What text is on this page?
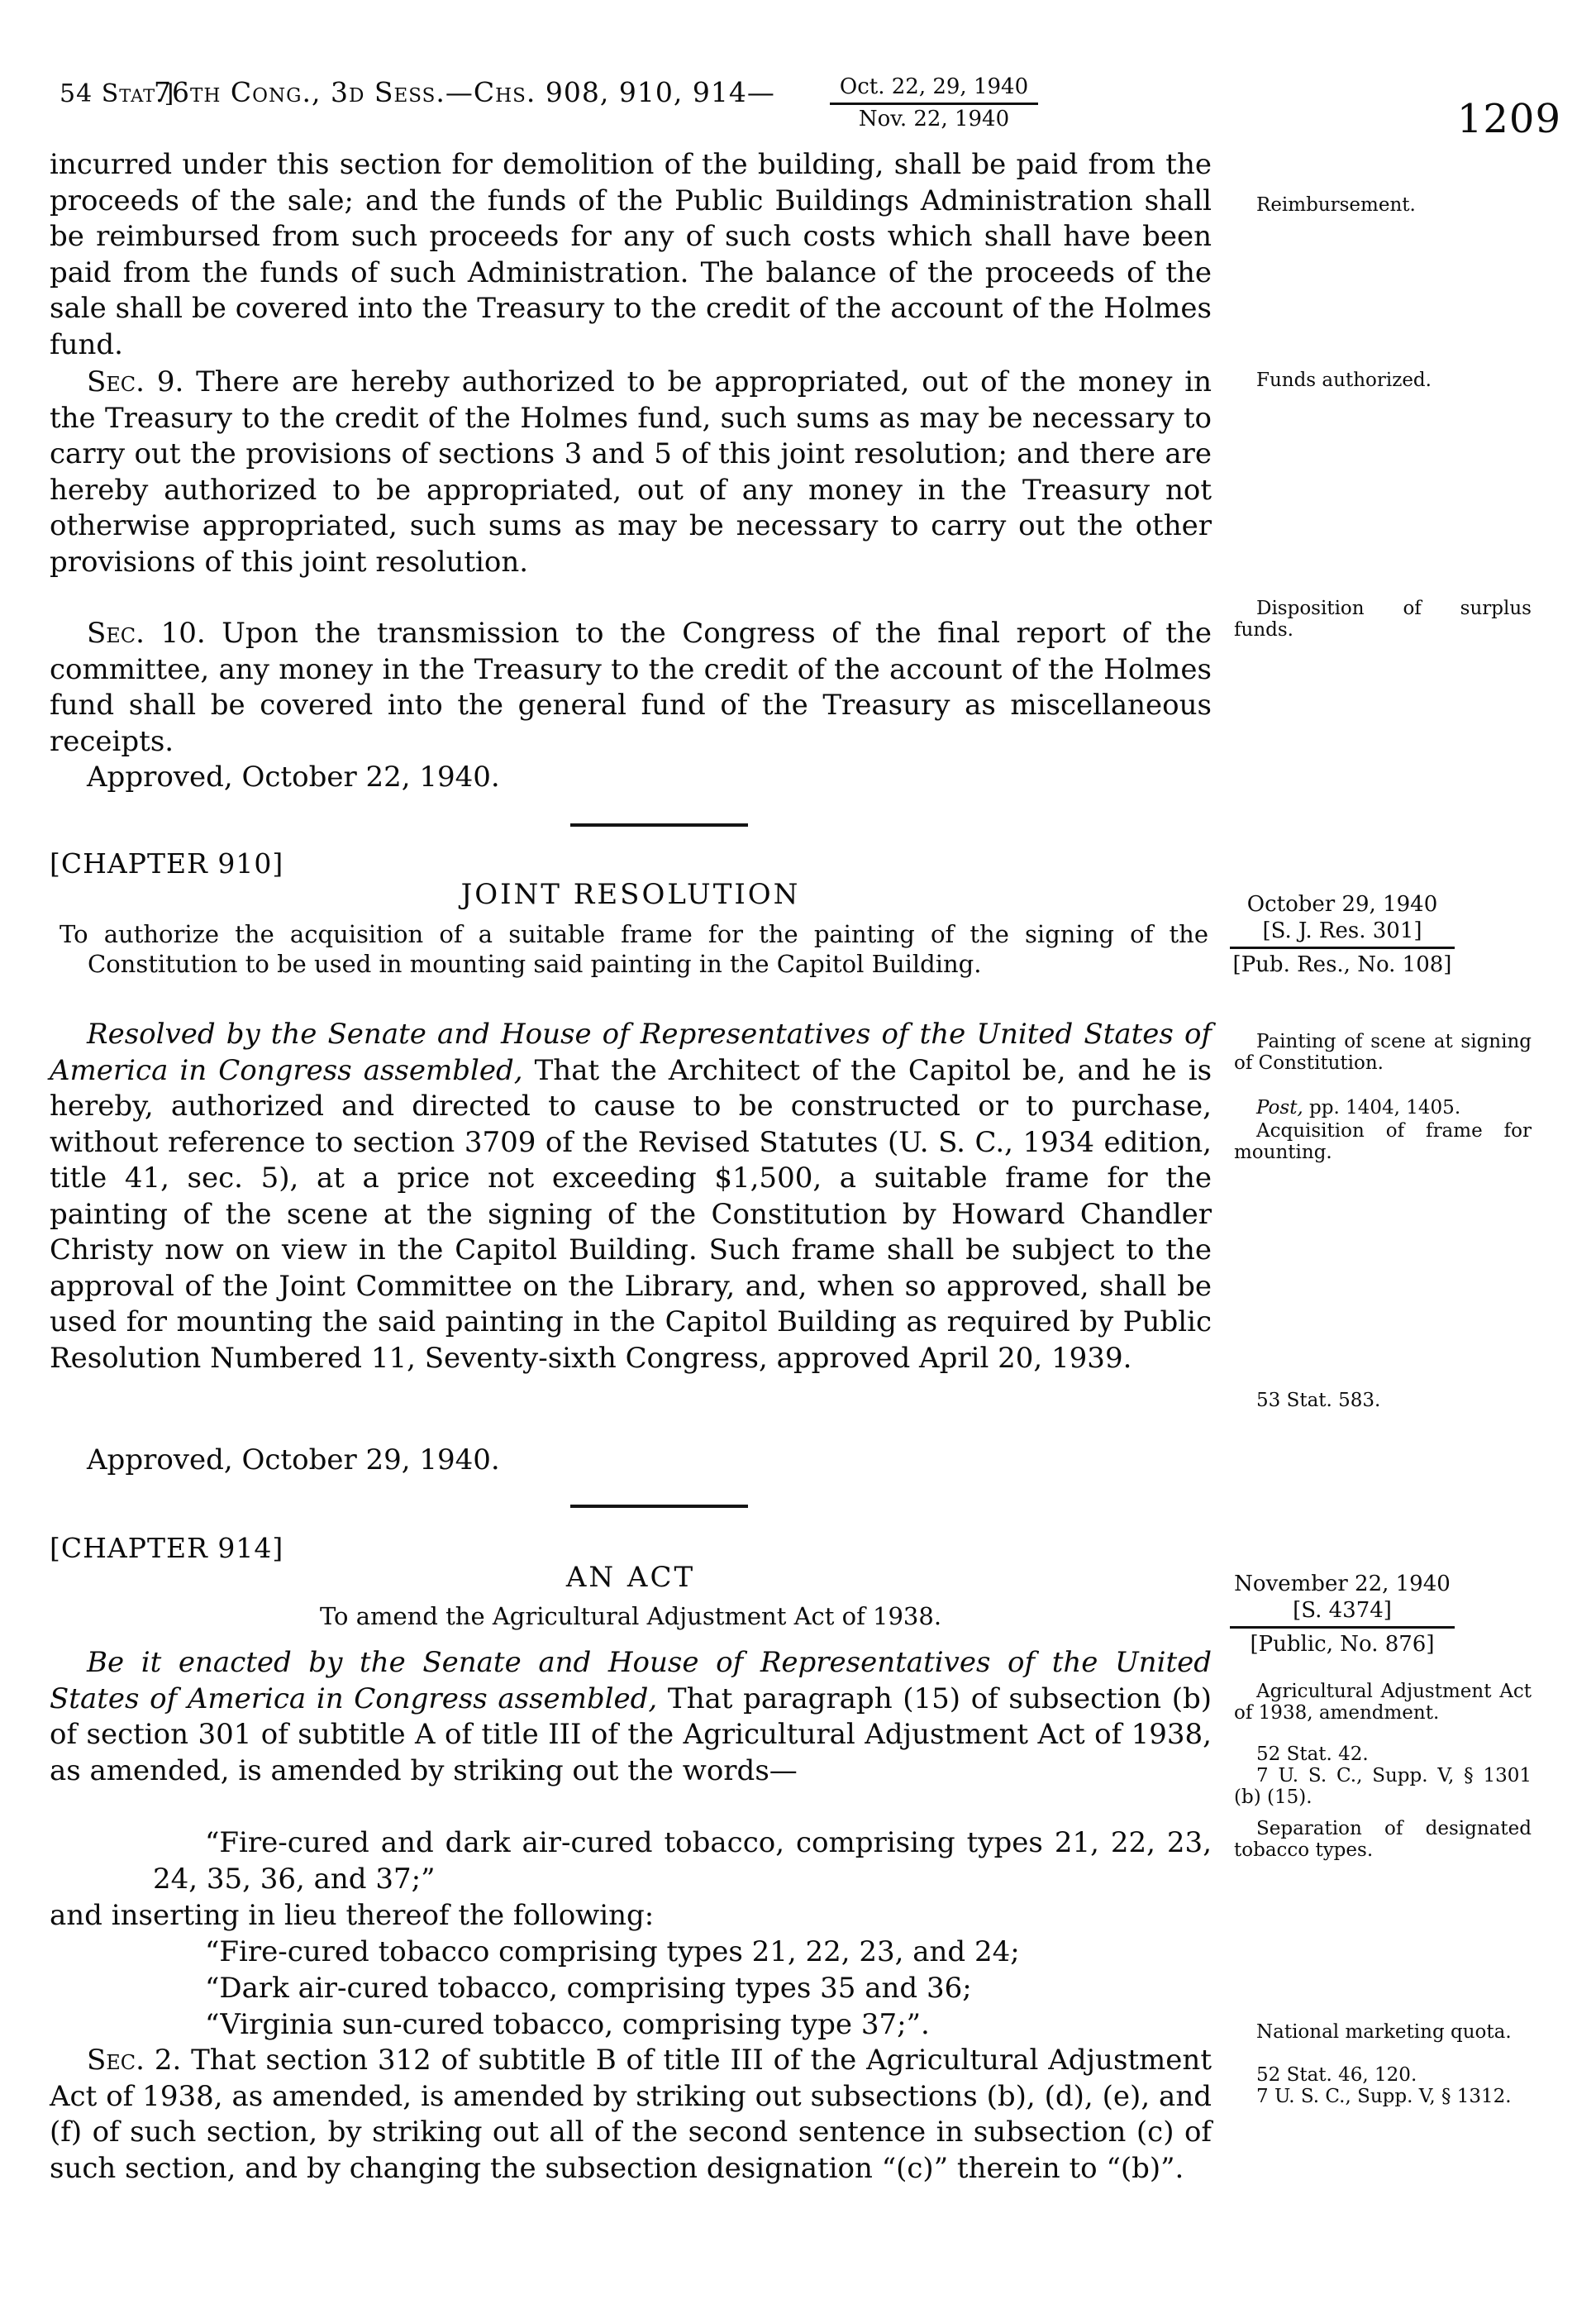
54 Stat.]
76th Cong., 3d Sess.—Chs. 908, 910, 914—	Oct. 22, 29, 1940
Nov. 22, 1940	1209
incurred under this section for demolition of the building, shall be paid from the proceeds of the sale; and the funds of the Public Buildings Administration shall be reimbursed from such proceeds for any of such costs which shall have been paid from the funds of such Administration. The balance of the proceeds of the sale shall be covered into the Treasury to the credit of the account of the Holmes fund.
Sec. 9. There are hereby authorized to be appropriated, out of the money in the Treasury to the credit of the Holmes fund, such sums as may be necessary to carry out the provisions of sections 3 and 5 of this joint resolution; and there are hereby authorized to be appropriated, out of any money in the Treasury not otherwise appropriated, such sums as may be necessary to carry out the other provisions of this joint resolution.
Sec. 10. Upon the transmission to the Congress of the final report of the committee, any money in the Treasury to the credit of the account of the Holmes fund shall be covered into the general fund of the Treasury as miscellaneous receipts.
Approved, October 22, 1940.
[CHAPTER 910]
JOINT RESOLUTION
To authorize the acquisition of a suitable frame for the painting of the signing of the Constitution to be used in mounting said painting in the Capitol Building.
Resolved by the Senate and House of Representatives of the United States of America in Congress assembled, That the Architect of the Capitol be, and he is hereby, authorized and directed to cause to be constructed or to purchase, without reference to section 3709 of the Revised Statutes (U. S. C., 1934 edition, title 41, sec. 5), at a price not exceeding $1,500, a suitable frame for the painting of the scene at the signing of the Constitution by Howard Chandler Christy now on view in the Capitol Building. Such frame shall be subject to the approval of the Joint Committee on the Library, and, when so approved, shall be used for mounting the said painting in the Capitol Building as required by Public Resolution Numbered 11, Seventy-sixth Congress, approved April 20, 1939.
Approved, October 29, 1940.
[CHAPTER 914]
AN ACT
To amend the Agricultural Adjustment Act of 1938.
Be it enacted by the Senate and House of Representatives of the United States of America in Congress assembled, That paragraph (15) of subsection (b) of section 301 of subtitle A of title III of the Agricultural Adjustment Act of 1938, as amended, is amended by striking out the words—
“Fire-cured and dark air-cured tobacco, comprising types 21, 22, 23, 24, 35, 36, and 37;”
and inserting in lieu thereof the following:
“Fire-cured tobacco comprising types 21, 22, 23, and 24;
“Dark air-cured tobacco, comprising types 35 and 36;
“Virginia sun-cured tobacco, comprising type 37;”.
Sec. 2. That section 312 of subtitle B of title III of the Agricultural Adjustment Act of 1938, as amended, is amended by striking out subsections (b), (d), (e), and (f) of such section, by striking out all of the second sentence in subsection (c) of such section, and by changing the subsection designation “(c)” therein to “(b)”.
Reimbursement.
Funds authorized.
Disposition of surplus funds.
October 29, 1940
[S. J. Res. 301]
[Pub. Res., No. 108]
Painting of scene at signing of Constitution.
Post, pp. 1404, 1405.
Acquisition of frame for mounting.
53 Stat. 583.
November 22, 1940
[S. 4374]
[Public, No. 876]
Agricultural Adjustment Act of 1938, amendment.
52 Stat. 42.
7 U. S. C., Supp. V, § 1301 (b) (15).
Separation of designated tobacco types.
National marketing quota.
52 Stat. 46, 120.
7 U. S. C., Supp. V, § 1312.
